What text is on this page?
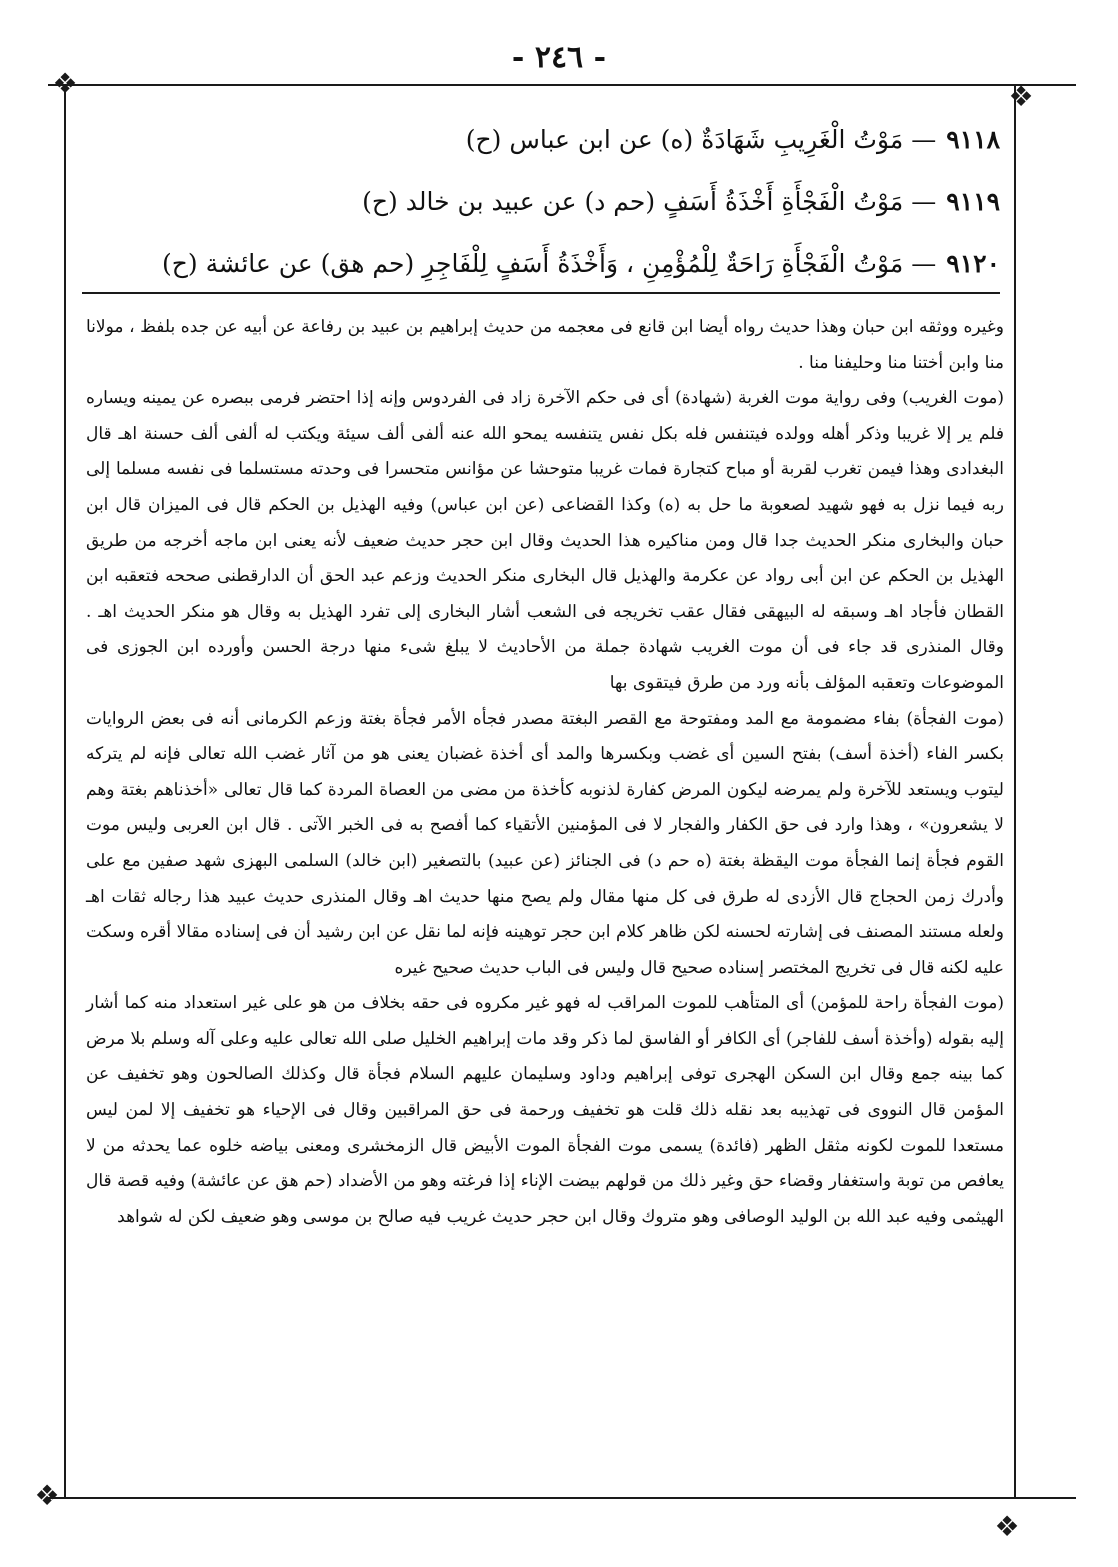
❖	❖
❖
❖
- ٢٤٦ -
٩١١٨
—
مَوْتُ الْغَرِيبِ شَهَادَةٌ
(ه) عن ابن عباس
(ح)
٩١١٩
—
مَوْتُ الْفَجْأَةِ أَخْذَةُ أَسَفٍ
(حم د) عن عبيد بن خالد
(ح)
٩١٢٠
—
مَوْتُ الْفَجْأَةِ رَاحَةٌ لِلْمُؤْمِنِ ، وَأَخْذَةُ أَسَفٍ لِلْفَاجِرِ
(حم هق) عن عائشة
(ح)

وغيره ووثقه ابن حبان وهذا حديث رواه أيضا ابن قانع فى معجمه من حديث إبراهيم بن عبيد بن رفاعة عن أبيه عن جده بلفظ ، مولانا منا وابن أختنا منا وحليفنا منا .

(موت الغريب) وفى رواية موت الغربة (شهادة) أى فى حكم الآخرة زاد فى الفردوس وإنه إذا احتضر فرمى ببصره عن يمينه ويساره فلم ير إلا غريبا وذكر أهله وولده فيتنفس فله بكل نفس يتنفسه يمحو الله عنه ألفى ألف سيئة ويكتب له ألفى ألف حسنة اهـ قال البغدادى وهذا فيمن تغرب لقربة أو مباح كتجارة فمات غريبا متوحشا عن مؤانس متحسرا فى وحدته مستسلما فى نفسه مسلما إلى ربه فيما نزل به فهو شهيد لصعوبة ما حل به (ه) وكذا القضاعى (عن ابن عباس) وفيه الهذيل بن الحكم قال فى الميزان قال ابن حبان والبخارى منكر الحديث جدا قال ومن مناكيره هذا الحديث وقال ابن حجر حديث ضعيف لأنه يعنى ابن ماجه أخرجه من طريق الهذيل بن الحكم عن ابن أبى رواد عن عكرمة والهذيل قال البخارى منكر الحديث وزعم عبد الحق أن الدارقطنى صححه فتعقبه ابن القطان فأجاد اهـ وسبقه له البيهقى فقال عقب تخريجه فى الشعب أشار البخارى إلى تفرد الهذيل به وقال هو منكر الحديث اهـ . وقال المنذرى قد جاء فى أن موت الغريب شهادة جملة من الأحاديث لا يبلغ شىء منها درجة الحسن وأورده ابن الجوزى فى الموضوعات وتعقبه المؤلف بأنه ورد من طرق فيتقوى بها

(موت الفجأة) بفاء مضمومة مع المد ومفتوحة مع القصر البغتة مصدر فجأه الأمر فجأة بغتة وزعم الكرمانى أنه فى بعض الروايات بكسر الفاء (أخذة أسف) بفتح السين أى غضب وبكسرها والمد أى أخذة غضبان يعنى هو من آثار غضب الله تعالى فإنه لم يتركه ليتوب ويستعد للآخرة ولم يمرضه ليكون المرض كفارة لذنوبه كأخذة من مضى من العصاة المردة كما قال تعالى «أخذناهم بغتة وهم لا يشعرون» ، وهذا وارد فى حق الكفار والفجار لا فى المؤمنين الأتقياء كما أفصح به فى الخبر الآتى . قال ابن العربى وليس موت القوم فجأة إنما الفجأة موت اليقظة بغتة (ه حم د) فى الجنائز (عن عبيد) بالتصغير (ابن خالد) السلمى البهزى شهد صفين مع على وأدرك زمن الحجاج قال الأزدى له طرق فى كل منها مقال ولم يصح منها حديث اهـ وقال المنذرى حديث عبيد هذا رجاله ثقات اهـ ولعله مستند المصنف فى إشارته لحسنه لكن ظاهر كلام ابن حجر توهينه فإنه لما نقل عن ابن رشيد أن فى إسناده مقالا أقره وسكت عليه لكنه قال فى تخريج المختصر إسناده صحيح قال وليس فى الباب حديث صحيح غيره

(موت الفجأة راحة للمؤمن) أى المتأهب للموت المراقب له فهو غير مكروه فى حقه بخلاف من هو على غير استعداد منه كما أشار إليه بقوله (وأخذة أسف للفاجر) أى الكافر أو الفاسق لما ذكر وقد مات إبراهيم الخليل صلى الله تعالى عليه وعلى آله وسلم بلا مرض كما بينه جمع وقال ابن السكن الهجرى توفى إبراهيم وداود وسليمان عليهم السلام فجأة قال وكذلك الصالحون وهو تخفيف عن المؤمن قال النووى فى تهذيبه بعد نقله ذلك قلت هو تخفيف ورحمة فى حق المراقبين وقال فى الإحياء هو تخفيف إلا لمن ليس مستعدا للموت لكونه مثقل الظهر (فائدة) يسمى موت الفجأة الموت الأبيض قال الزمخشرى ومعنى بياضه خلوه عما يحدثه من لا يعافص من توبة واستغفار وقضاء حق وغير ذلك من قولهم بيضت الإناء إذا فرغته وهو من الأضداد (حم هق عن عائشة) وفيه قصة قال الهيثمى وفيه عبد الله بن الوليد الوصافى وهو متروك وقال ابن حجر حديث غريب فيه صالح بن موسى وهو ضعيف لكن له شواهد
